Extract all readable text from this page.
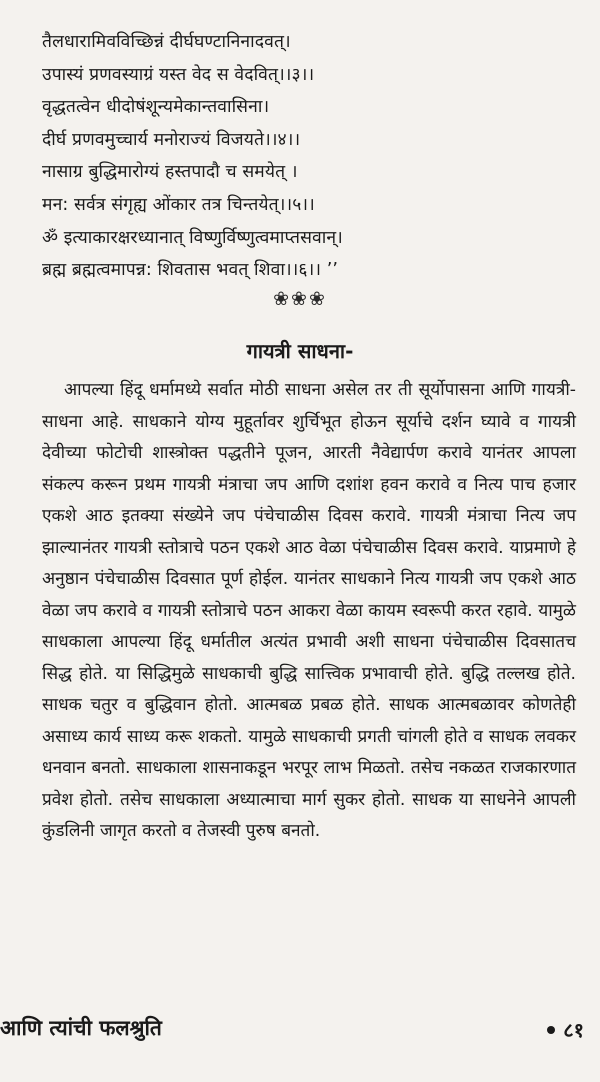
तैलधारामिवविच्छिन्नं दीर्घघण्टानिनादवत्।
उपास्यं प्रणवस्याग्रं यस्त वेद स वेदवित्।।३।।
वृद्धतत्वेन धीदोषंशून्यमेकान्तवासिना।
दीर्घ प्रणवमुच्चार्य मनोराज्यं विजयते।।४।।
नासाग्र बुद्धिमारोग्यं हस्तपादौ च समयेत् ।
मन: सर्वत्र संगृह्य ओंकार तत्र चिन्तयेत्।।५।।
ॐ इत्याकारक्षरध्यानात् विष्णुर्विष्णुत्वमाप्तसवान्।
ब्रह्म ब्रह्मत्वमापन्न: शिवतास भवत् शिवा।।६।। ’’
❀❀❀
गायत्री साधना-
आपल्या हिंदू धर्मामध्ये सर्वात मोठी साधना असेल तर ती सूर्योपासना आणि गायत्री-साधना आहे. साधकाने योग्य मुहूर्तावर शुर्चिभूत होऊन सूर्याचे दर्शन घ्यावे व गायत्री देवीच्या फोटोची शास्त्रोक्त पद्धतीने पूजन, आरती नैवेद्यार्पण करावे यानंतर आपला संकल्प करून प्रथम गायत्री मंत्राचा जप आणि दशांश हवन करावे व नित्य पाच हजार एकशे आठ इतक्या संख्येने जप पंचेचाळीस दिवस करावे. गायत्री मंत्राचा नित्य जप झाल्यानंतर गायत्री स्तोत्राचे पठन एकशे आठ वेळा पंचेचाळीस दिवस करावे. याप्रमाणे हे अनुष्ठान पंचेचाळीस दिवसात पूर्ण होईल. यानंतर साधकाने नित्य गायत्री जप एकशे आठ वेळा जप करावे व गायत्री स्तोत्राचे पठन आकरा वेळा कायम स्वरूपी करत रहावे. यामुळे साधकाला आपल्या हिंदू धर्मातील अत्यंत प्रभावी अशी साधना पंचेचाळीस दिवसातच सिद्ध होते. या सिद्धिमुळे साधकाची बुद्धि सात्त्विक प्रभावाची होते. बुद्धि तल्लख होते. साधक चतुर व बुद्धिवान होतो. आत्मबळ प्रबळ होते. साधक आत्मबळावर कोणतेही असाध्य कार्य साध्य करू शकतो. यामुळे साधकाची प्रगती चांगली होते व साधक लवकर धनवान बनतो. साधकाला शासनाकडून भरपूर लाभ मिळतो. तसेच नकळत राजकारणात प्रवेश होतो. तसेच साधकाला अध्यात्माचा मार्ग सुकर होतो. साधक या साधनेने आपली कुंडलिनी जागृत करतो व तेजस्वी पुरुष बनतो.
आणि त्यांची फलश्रुति	८१
